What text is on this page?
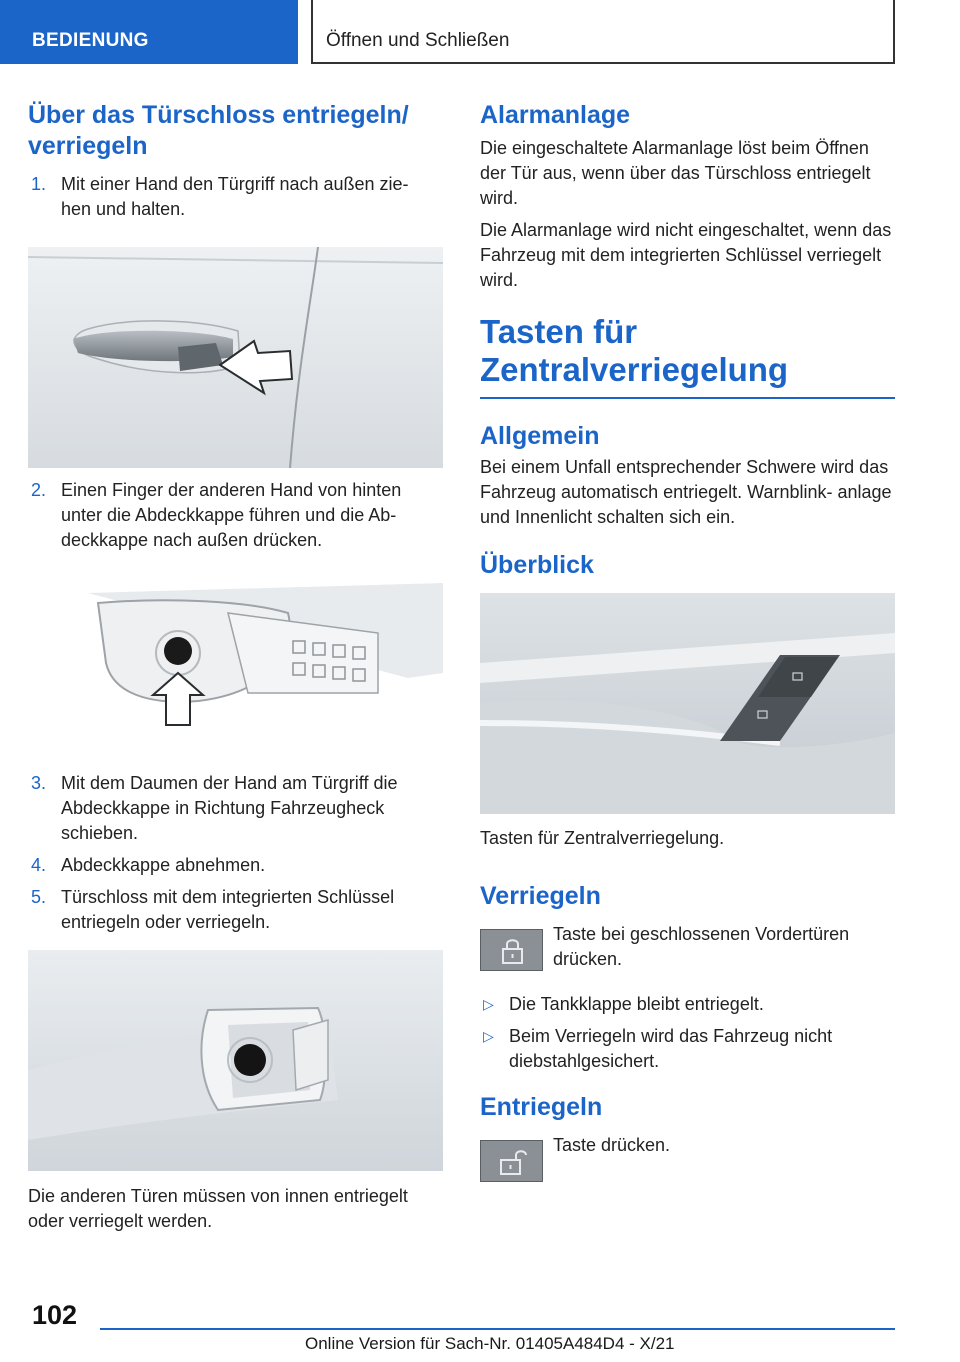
BEDIENUNG	Öffnen und Schließen
Über das Türschloss entriegeln/ verriegeln
1. Mit einer Hand den Türgriff nach außen zie- hen und halten.
2. Einen Finger der anderen Hand von hinten unter die Abdeckkappe führen und die Ab- deckkappe nach außen drücken.
3. Mit dem Daumen der Hand am Türgriff die Abdeckkappe in Richtung Fahrzeugheck schieben.
4. Abdeckkappe abnehmen.
5. Türschloss mit dem integrierten Schlüssel entriegeln oder verriegeln.
Die anderen Türen müssen von innen entriegelt oder verriegelt werden.
Alarmanlage
Die eingeschaltete Alarmanlage löst beim Öffnen der Tür aus, wenn über das Türschloss entriegelt wird.
Die Alarmanlage wird nicht eingeschaltet, wenn das Fahrzeug mit dem integrierten Schlüssel verriegelt wird.
Tasten für Zentralverriegelung
Allgemein
Bei einem Unfall entsprechender Schwere wird das Fahrzeug automatisch entriegelt. Warnblink- anlage und Innenlicht schalten sich ein.
Überblick
Tasten für Zentralverriegelung.
Verriegeln
Taste bei geschlossenen Vordertüren drücken.
▷ Die Tankklappe bleibt entriegelt.
▷ Beim Verriegeln wird das Fahrzeug nicht diebstahlgesichert.
Entriegeln
Taste drücken.
102
Online Version für Sach-Nr. 01405A484D4 - X/21
